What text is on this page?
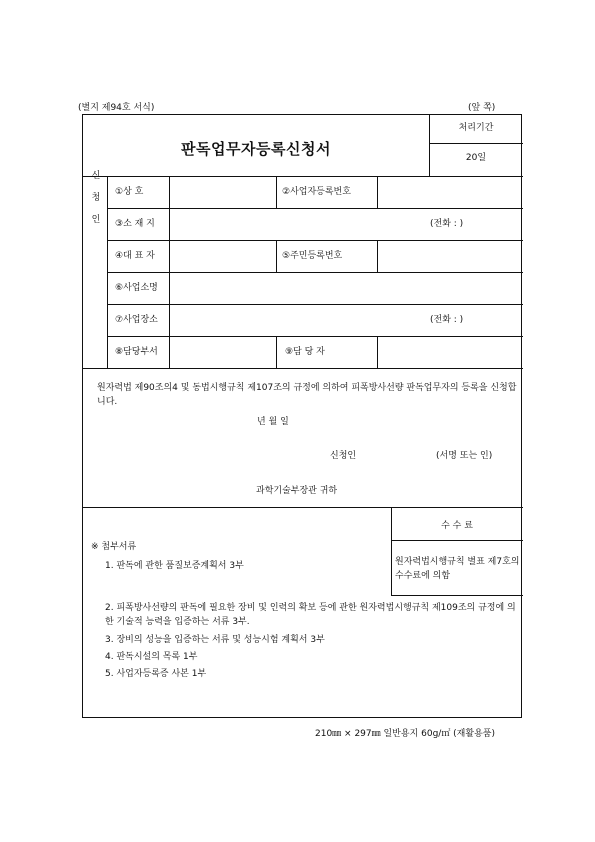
(별지 제94호 서식)	(앞 쪽)
판독업무자등록신청서
처리기간
20일
신
청
인
①상 호	②사업자등록번호
③소 재 지	(전화 : )
④대 표 자	⑤주민등록번호
⑥사업소명
⑦사업장소	(전화 : )
⑧담당부서	⑨담 당 자
원자력법 제90조의4 및 동법시행규칙 제107조의 규정에 의하여 피폭방사선량 판독업무자의 등록을 신청합니다.
년 월 일
신청인	(서명 또는 인)
과학기술부장관 귀하
※ 첨부서류
1. 판독에 관한 품질보증계획서 3부
2. 피폭방사선량의 판독에 필요한 장비 및 인력의 확보 등에 관한 원자력법시행규칙 제109조의 규정에 의한 기술적 능력을 입증하는 서류 3부.
3. 장비의 성능을 입증하는 서류 및 성능시험 계획서 3부
4. 판독시설의 목록 1부
5. 사업자등록증 사본 1부
수 수 료
원자력법시행규칙 별표 제7호의 수수료에 의함
210㎜ × 297㎜ 일반용지 60g/㎡ (재활용품)
